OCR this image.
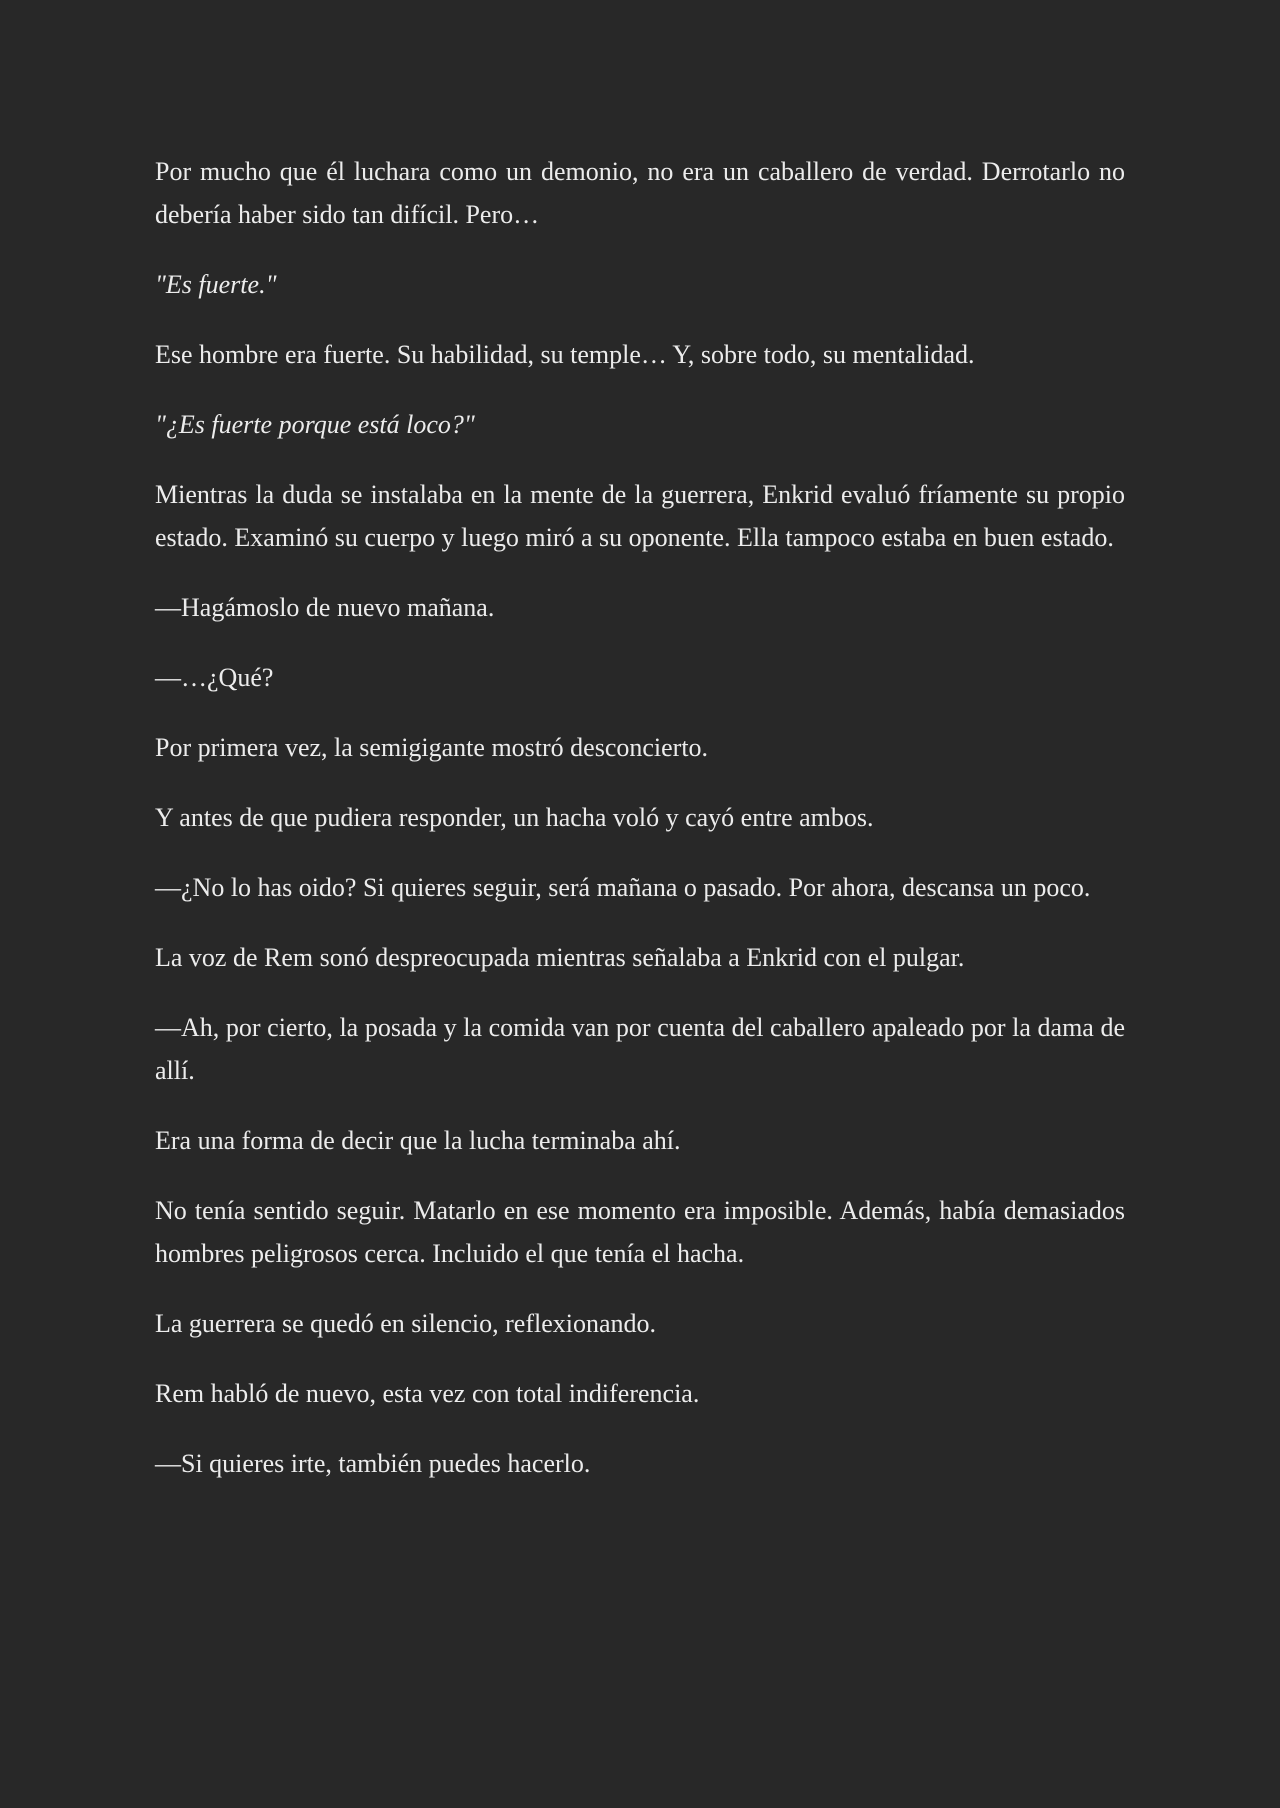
Por mucho que él luchara como un demonio, no era un caballero de verdad. Derrotarlo no debería haber sido tan difícil. Pero…

"Es fuerte."

Ese hombre era fuerte. Su habilidad, su temple… Y, sobre todo, su mentalidad.

"¿Es fuerte porque está loco?"

Mientras la duda se instalaba en la mente de la guerrera, Enkrid evaluó fríamente su propio estado. Examinó su cuerpo y luego miró a su oponente. Ella tampoco estaba en buen estado.

—Hagámoslo de nuevo mañana.

—…¿Qué?

Por primera vez, la semigigante mostró desconcierto.

Y antes de que pudiera responder, un hacha voló y cayó entre ambos.

—¿No lo has oido? Si quieres seguir, será mañana o pasado. Por ahora, descansa un poco.

La voz de Rem sonó despreocupada mientras señalaba a Enkrid con el pulgar.

—Ah, por cierto, la posada y la comida van por cuenta del caballero apaleado por la dama de allí.

Era una forma de decir que la lucha terminaba ahí.

No tenía sentido seguir. Matarlo en ese momento era imposible. Además, había demasiados hombres peligrosos cerca. Incluido el que tenía el hacha.

La guerrera se quedó en silencio, reflexionando.

Rem habló de nuevo, esta vez con total indiferencia.

—Si quieres irte, también puedes hacerlo.
